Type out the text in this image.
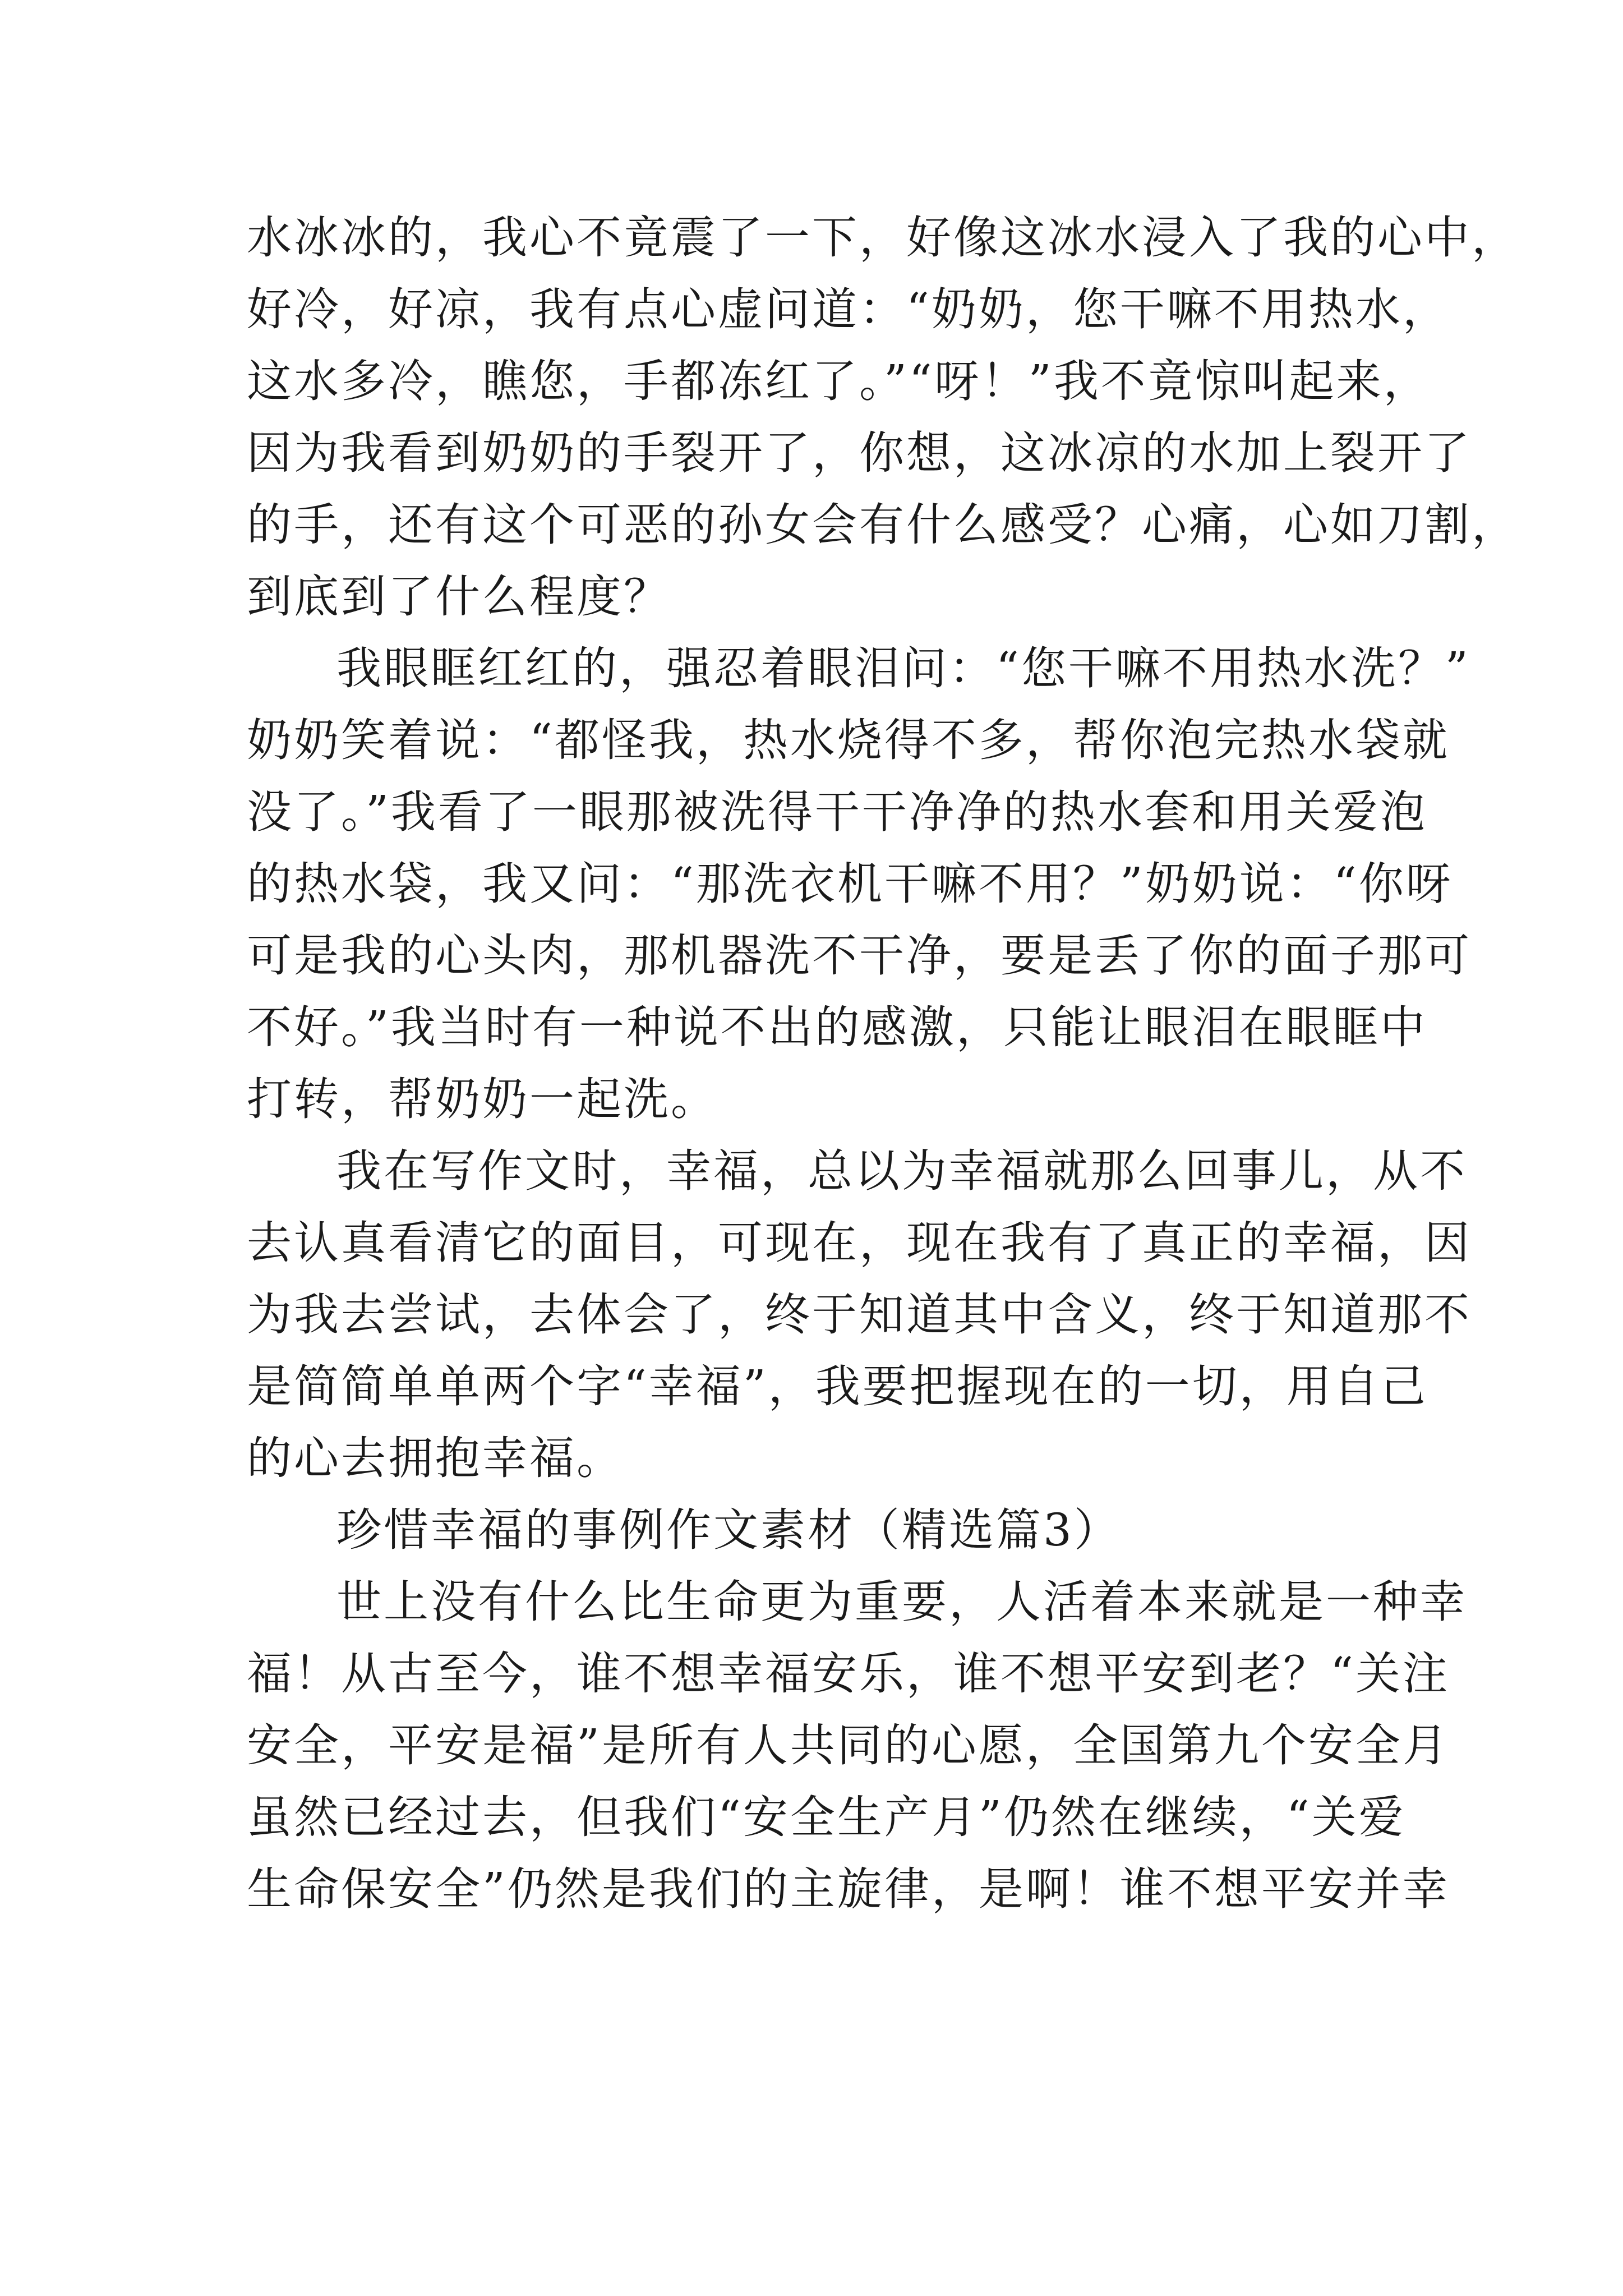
水冰冰的，我心不竟震了一下，好像这冰水浸入了我的心中，
好冷，好凉，我有点心虚问道：“奶奶，您干嘛不用热水，
这水多冷，瞧您，手都冻红了。”“呀！”我不竟惊叫起来，
因为我看到奶奶的手裂开了，你想，这冰凉的水加上裂开了
的手，还有这个可恶的孙女会有什么感受？心痛，心如刀割，
到底到了什么程度？
我眼眶红红的，强忍着眼泪问：“您干嘛不用热水洗？”
奶奶笑着说：“都怪我，热水烧得不多，帮你泡完热水袋就
没了。”我看了一眼那被洗得干干净净的热水套和用关爱泡
的热水袋，我又问：“那洗衣机干嘛不用？”奶奶说：“你呀
可是我的心头肉，那机器洗不干净，要是丢了你的面子那可
不好。”我当时有一种说不出的感激，只能让眼泪在眼眶中
打转，帮奶奶一起洗。
我在写作文时，幸福，总以为幸福就那么回事儿，从不
去认真看清它的面目，可现在，现在我有了真正的幸福，因
为我去尝试，去体会了，终于知道其中含义，终于知道那不
是简简单单两个字“幸福”，我要把握现在的一切，用自己
的心去拥抱幸福。
珍惜幸福的事例作文素材（精选篇3）
世上没有什么比生命更为重要，人活着本来就是一种幸
福！从古至今，谁不想幸福安乐，谁不想平安到老？“关注
安全，平安是福”是所有人共同的心愿，全国第九个安全月
虽然已经过去，但我们“安全生产月”仍然在继续，“关爱
生命保安全”仍然是我们的主旋律，是啊！谁不想平安并幸
